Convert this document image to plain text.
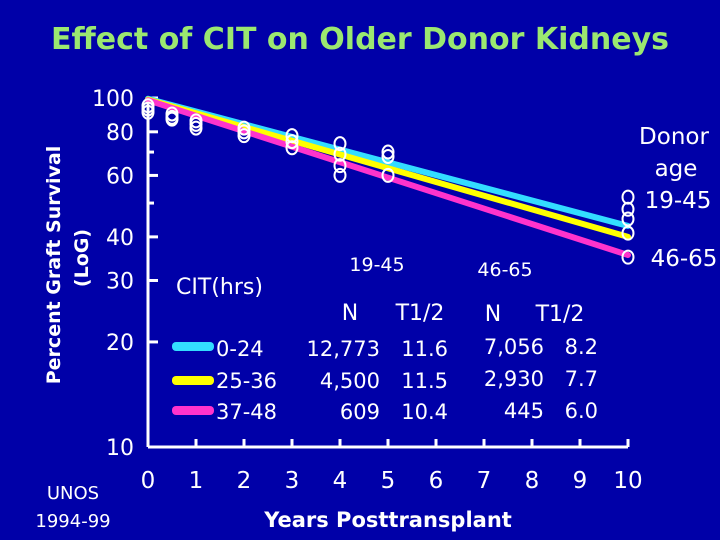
Effect of CIT on Older Donor Kidneys
Percent Graft Survival (LoG)
100
80
60
40
30
20
10
0 1 2 3 4 5 6 7 8 9 10
Years Posttransplant
Donor
age
19-45
46-65
CIT(hrs)
19-45	46-65
N T1/2 N T1/2
0-24 12,773 11.6 7,056 8.2
25-36 4,500 11.5 2,930 7.7
37-48	609 10.4	445 6.0
UNOS
1994-99
